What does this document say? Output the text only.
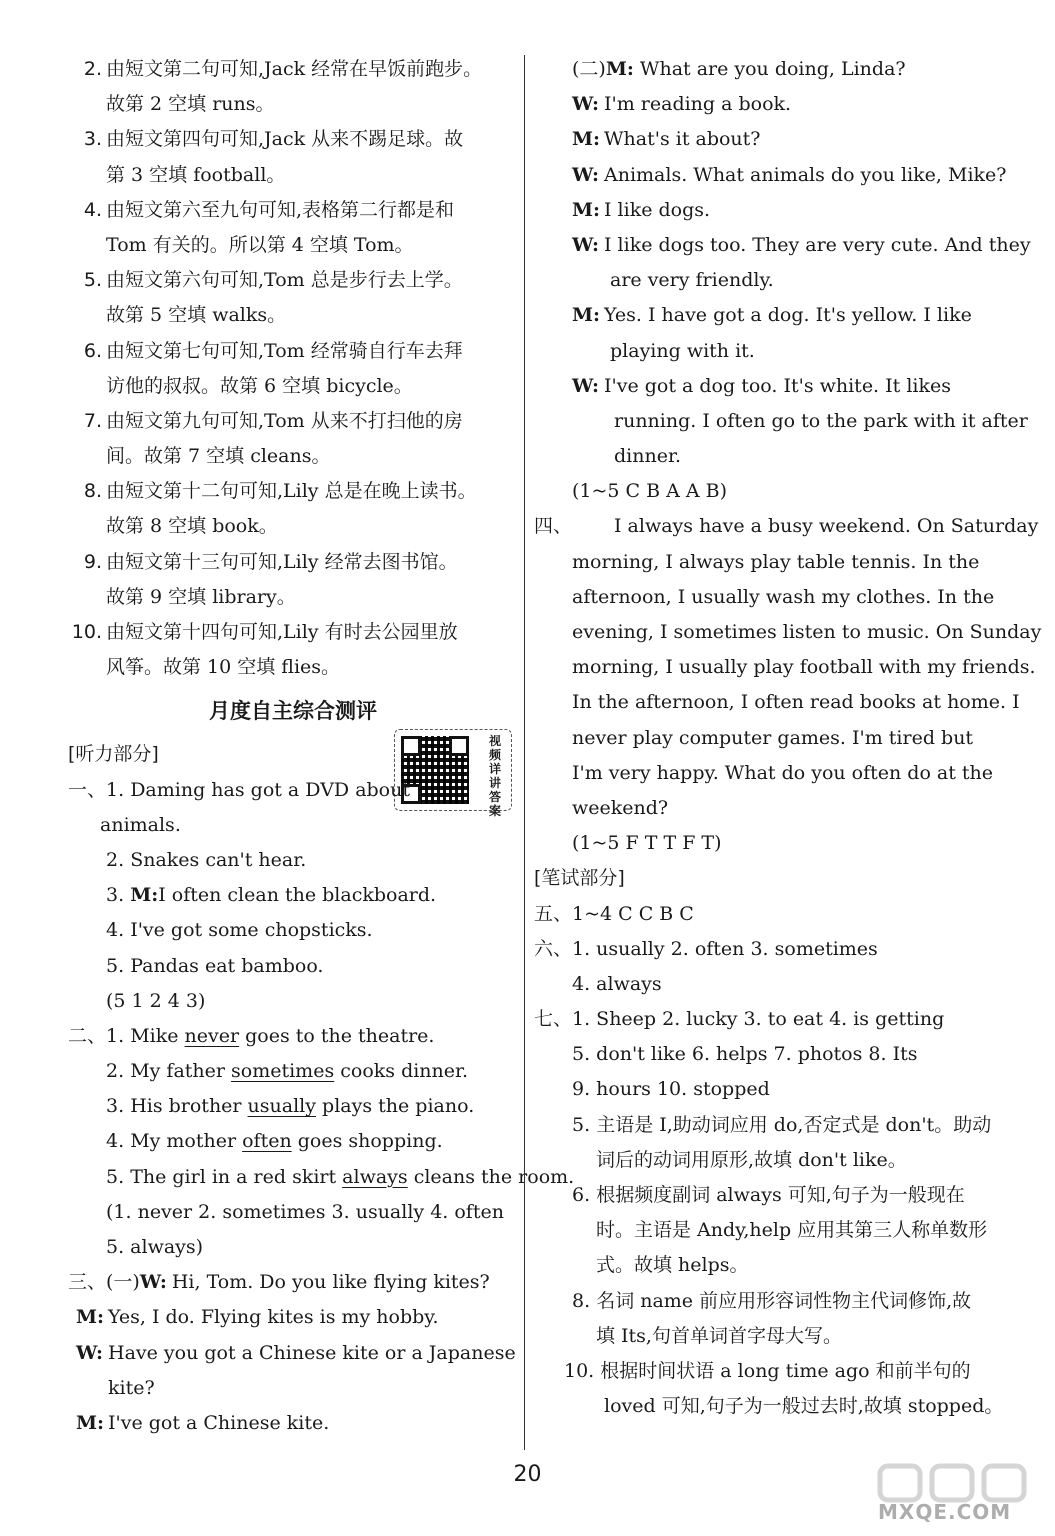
2. 由短文第二句可知,Jack 经常在早饭前跑步。
故第 2 空填 runs。
3. 由短文第四句可知,Jack 从来不踢足球。故
第 3 空填 football。
4. 由短文第六至九句可知,表格第二行都是和
Tom 有关的。所以第 4 空填 Tom。
5. 由短文第六句可知,Tom 总是步行去上学。
故第 5 空填 walks。
6. 由短文第七句可知,Tom 经常骑自行车去拜
访他的叔叔。故第 6 空填 bicycle。
7. 由短文第九句可知,Tom 从来不打扫他的房
间。故第 7 空填 cleans。
8. 由短文第十二句可知,Lily 总是在晚上读书。
故第 8 空填 book。
9. 由短文第十三句可知,Lily 经常去图书馆。
故第 9 空填 library。
10. 由短文第十四句可知,Lily 有时去公园里放
风筝。故第 10 空填 flies。
月度自主综合测评
[听力部分]
视频详讲答案
一、1. Daming has got a DVD about
animals.
2. Snakes can't hear.
3. M:I often clean the blackboard.
4. I've got some chopsticks.
5. Pandas eat bamboo.
(5 1 2 4 3)
二、1. Mike never goes to the theatre.
2. My father sometimes cooks dinner.
3. His brother usually plays the piano.
4. My mother often goes shopping.
5. The girl in a red skirt always cleans the room.
(1. never 2. sometimes 3. usually 4. often
5. always)
三、(一)W: Hi, Tom. Do you like flying kites?
M: Yes, I do. Flying kites is my hobby.
W: Have you got a Chinese kite or a Japanese
kite?
M: I've got a Chinese kite.
(二)M: What are you doing, Linda?
W: I'm reading a book.
M: What's it about?
W: Animals. What animals do you like, Mike?
M: I like dogs.
W: I like dogs too. They are very cute. And they
are very friendly.
M: Yes. I have got a dog. It's yellow. I like
playing with it.
W: I've got a dog too. It's white. It likes
running. I often go to the park with it after
dinner.
(1~5 C B A A B)
四、 I always have a busy weekend. On Saturday
morning, I always play table tennis. In the
afternoon, I usually wash my clothes. In the
evening, I sometimes listen to music. On Sunday
morning, I usually play football with my friends.
In the afternoon, I often read books at home. I
never play computer games. I'm tired but
I'm very happy. What do you often do at the
weekend?
(1~5 F T T F T)
[笔试部分]
五、1~4 C C B C
六、1. usually 2. often 3. sometimes
4. always
七、1. Sheep 2. lucky 3. to eat 4. is getting
5. don't like 6. helps 7. photos 8. Its
9. hours 10. stopped
5. 主语是 I,助动词应用 do,否定式是 don't。助动
词后的动词用原形,故填 don't like。
6. 根据频度副词 always 可知,句子为一般现在
时。主语是 Andy,help 应用其第三人称单数形
式。故填 helps。
8. 名词 name 前应用形容词性物主代词修饰,故
填 Its,句首单词首字母大写。
10. 根据时间状语 a long time ago 和前半句的
loved 可知,句子为一般过去时,故填 stopped。
20
MXQE.COM
